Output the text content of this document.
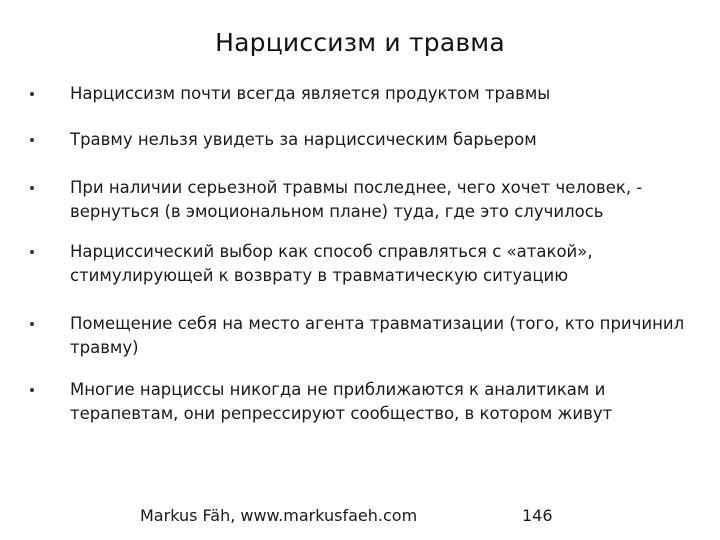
Нарциссизм и травма
Нарциссизм почти всегда является продуктом травмы
Травму нельзя увидеть за нарциссическим барьером
При наличии серьезной травмы последнее, чего хочет человек, - вернуться (в эмоциональном плане) туда, где это случилось
Нарциссический выбор как способ справляться с «атакой», стимулирующей к возврату в травматическую ситуацию
Помещение себя на место агента травматизации (того, кто причинил травму)
Многие нарциссы никогда не приближаются к аналитикам и терапевтам, они репрессируют сообщество, в котором живут
Markus Fäh, www.markusfaeh.com	146
